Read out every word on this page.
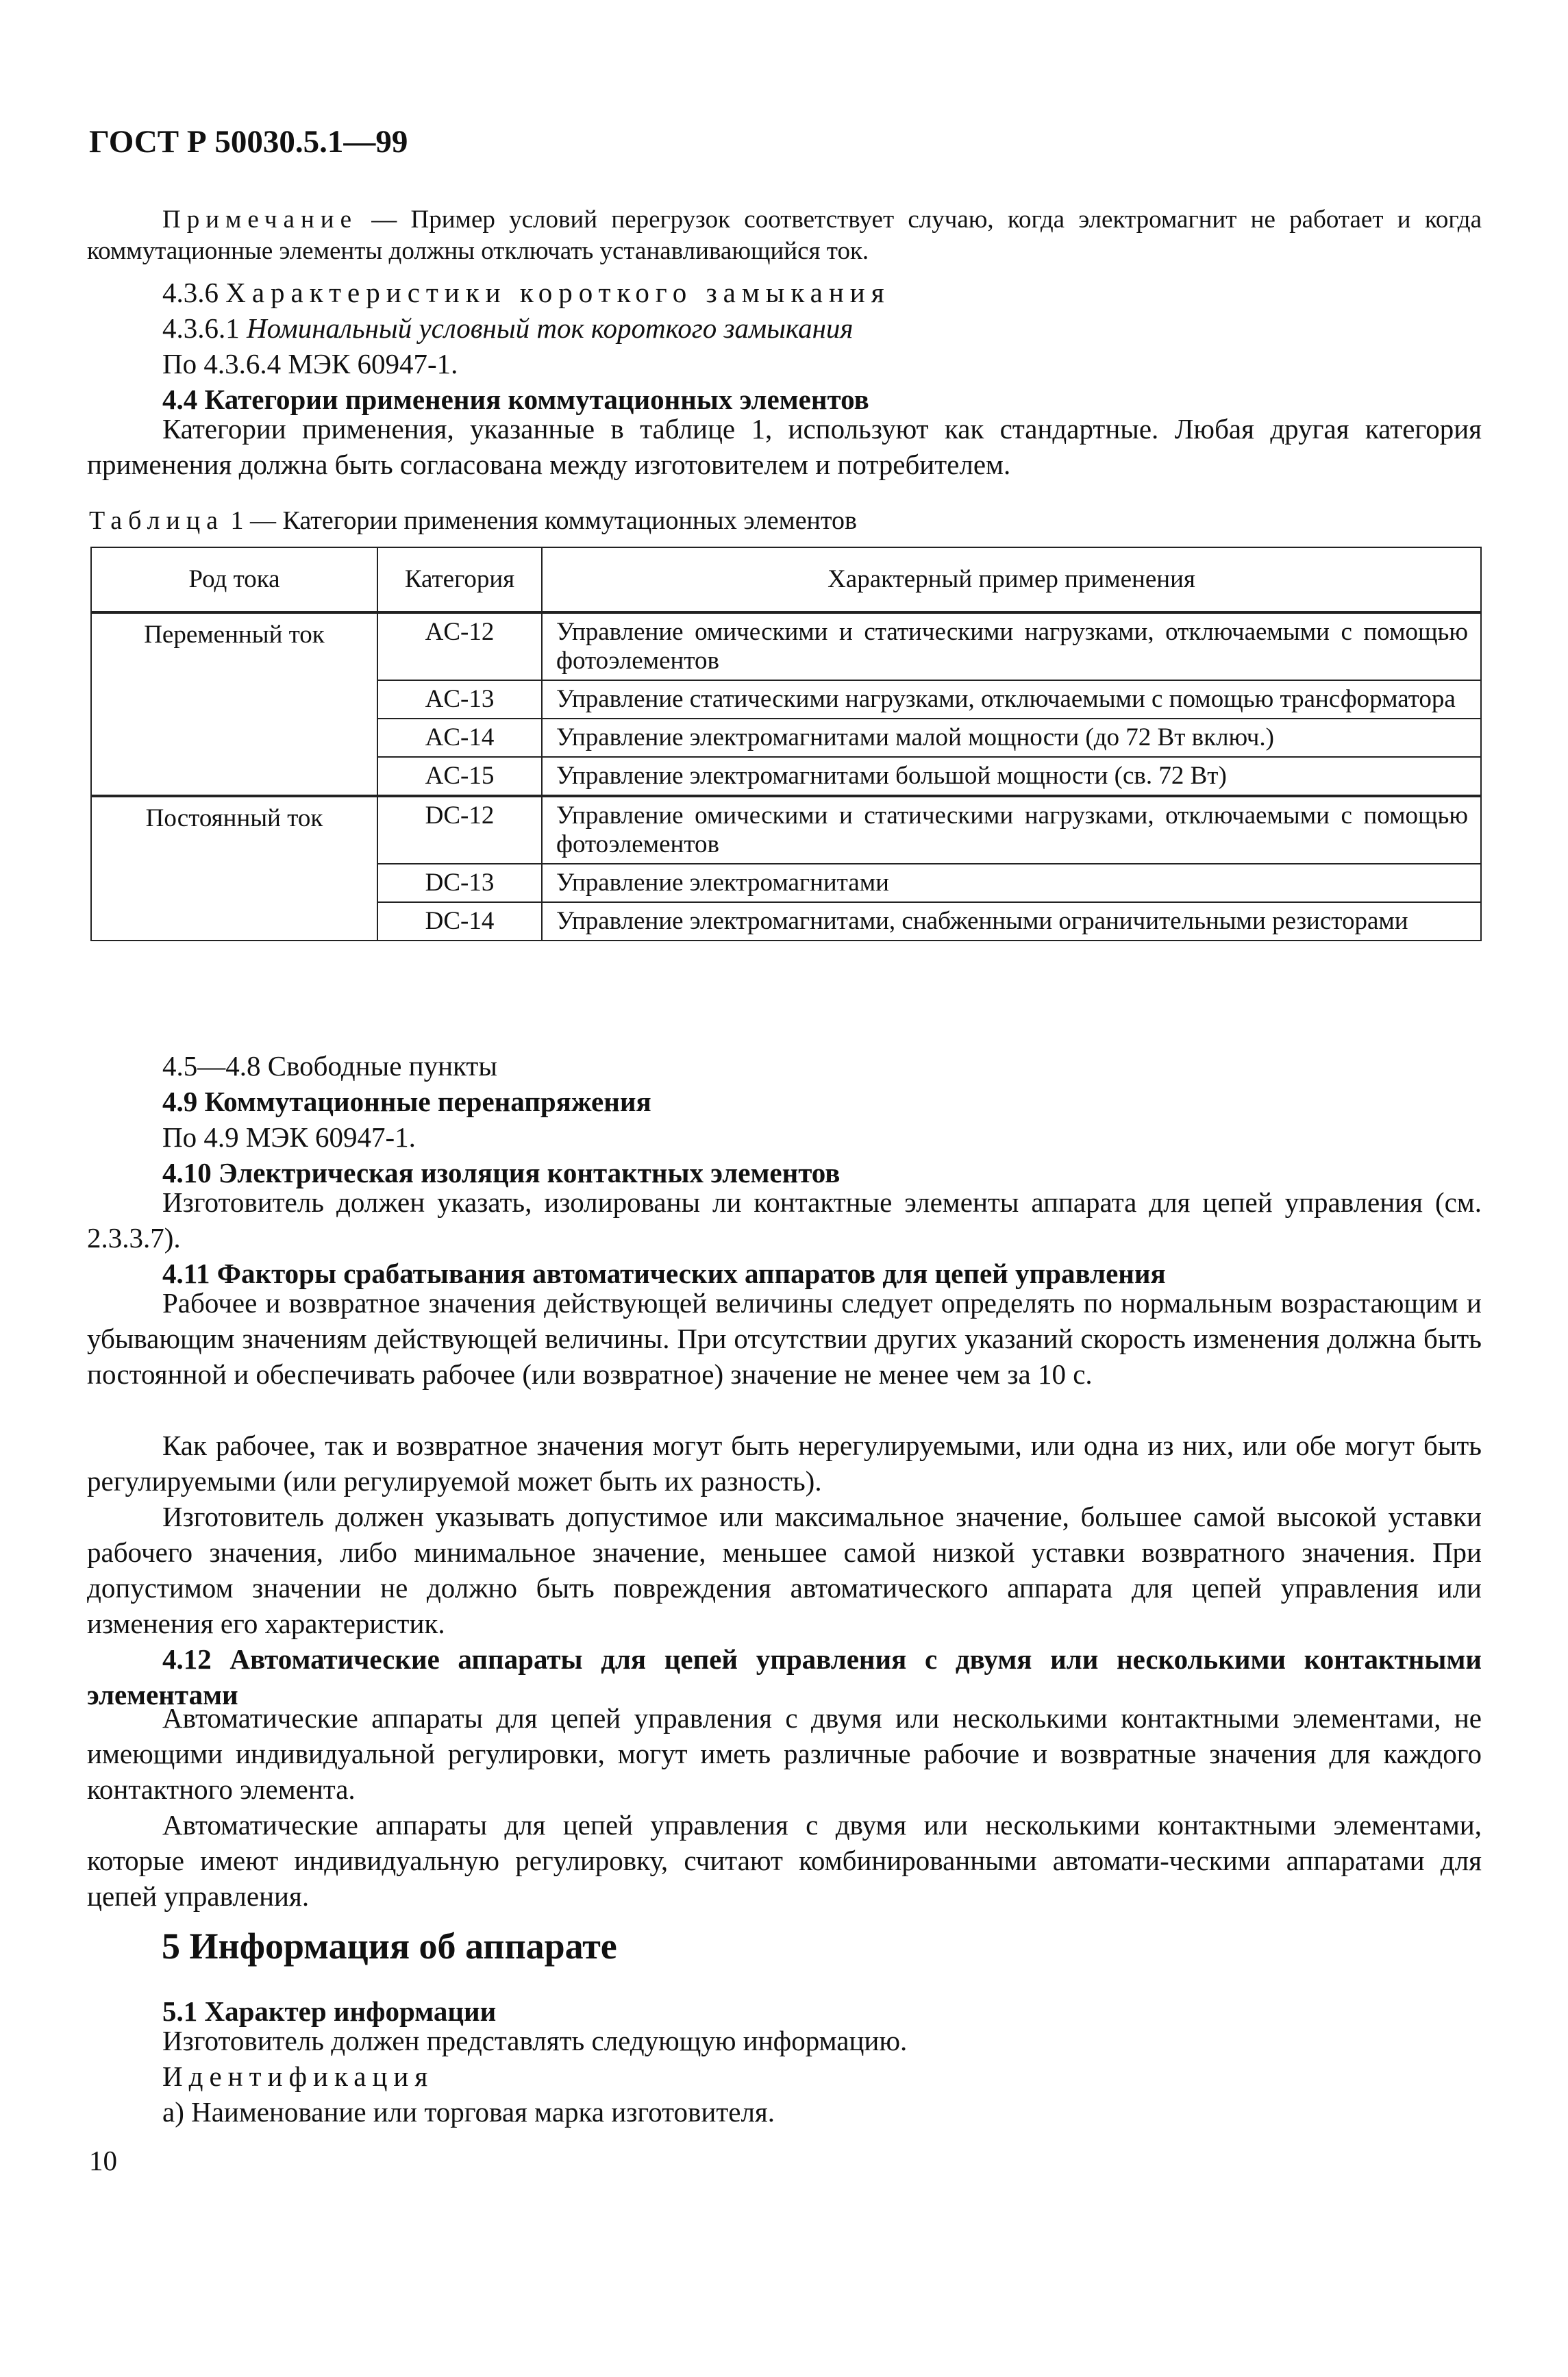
ГОСТ Р 50030.5.1—99
Примечание — Пример условий перегрузок соответствует случаю, когда электромагнит не работает и когда коммутационные элементы должны отключать устанавливающийся ток.
4.3.6 Характеристики короткого замыкания
4.3.6.1 Номинальный условный ток короткого замыкания
По 4.3.6.4 МЭК 60947-1.
4.4 Категории применения коммутационных элементов
Категории применения, указанные в таблице 1, используют как стандартные. Любая другая категория применения должна быть согласована между изготовителем и потребителем.
Таблица 1 — Категории применения коммутационных элементов
Род тока	Категория	Характерный пример применения
Переменный ток	AC-12	Управление омическими и статическими нагрузками, отключаемыми с помощью фотоэлементов
	AC-13	Управление статическими нагрузками, отключаемыми с помощью трансформатора
	AC-14	Управление электромагнитами малой мощности (до 72 Вт включ.)
	AC-15	Управление электромагнитами большой мощности (св. 72 Вт)
Постоянный ток	DC-12	Управление омическими и статическими нагрузками, отключаемыми с помощью фотоэлементов
	DC-13	Управление электромагнитами
	DC-14	Управление электромагнитами, снабженными ограничительными резисторами
4.5—4.8 Свободные пункты
4.9 Коммутационные перенапряжения
По 4.9 МЭК 60947-1.
4.10 Электрическая изоляция контактных элементов
Изготовитель должен указать, изолированы ли контактные элементы аппарата для цепей управления (см. 2.3.3.7).
4.11 Факторы срабатывания автоматических аппаратов для цепей управления
Рабочее и возвратное значения действующей величины следует определять по нормальным возрастающим и убывающим значениям действующей величины. При отсутствии других указаний скорость изменения должна быть постоянной и обеспечивать рабочее (или возвратное) значение не менее чем за 10 с.
Как рабочее, так и возвратное значения могут быть нерегулируемыми, или одна из них, или обе могут быть регулируемыми (или регулируемой может быть их разность).
Изготовитель должен указывать допустимое или максимальное значение, большее самой высокой уставки рабочего значения, либо минимальное значение, меньшее самой низкой уставки возвратного значения. При допустимом значении не должно быть повреждения автоматического аппарата для цепей управления или изменения его характеристик.
4.12 Автоматические аппараты для цепей управления с двумя или несколькими контактными элементами
Автоматические аппараты для цепей управления с двумя или несколькими контактными элементами, не имеющими индивидуальной регулировки, могут иметь различные рабочие и возвратные значения для каждого контактного элемента.
Автоматические аппараты для цепей управления с двумя или несколькими контактными элементами, которые имеют индивидуальную регулировку, считают комбинированными автомати-ческими аппаратами для цепей управления.
5 Информация об аппарате
5.1 Характер информации
Изготовитель должен представлять следующую информацию.
Идентификация
а) Наименование или торговая марка изготовителя.
10
